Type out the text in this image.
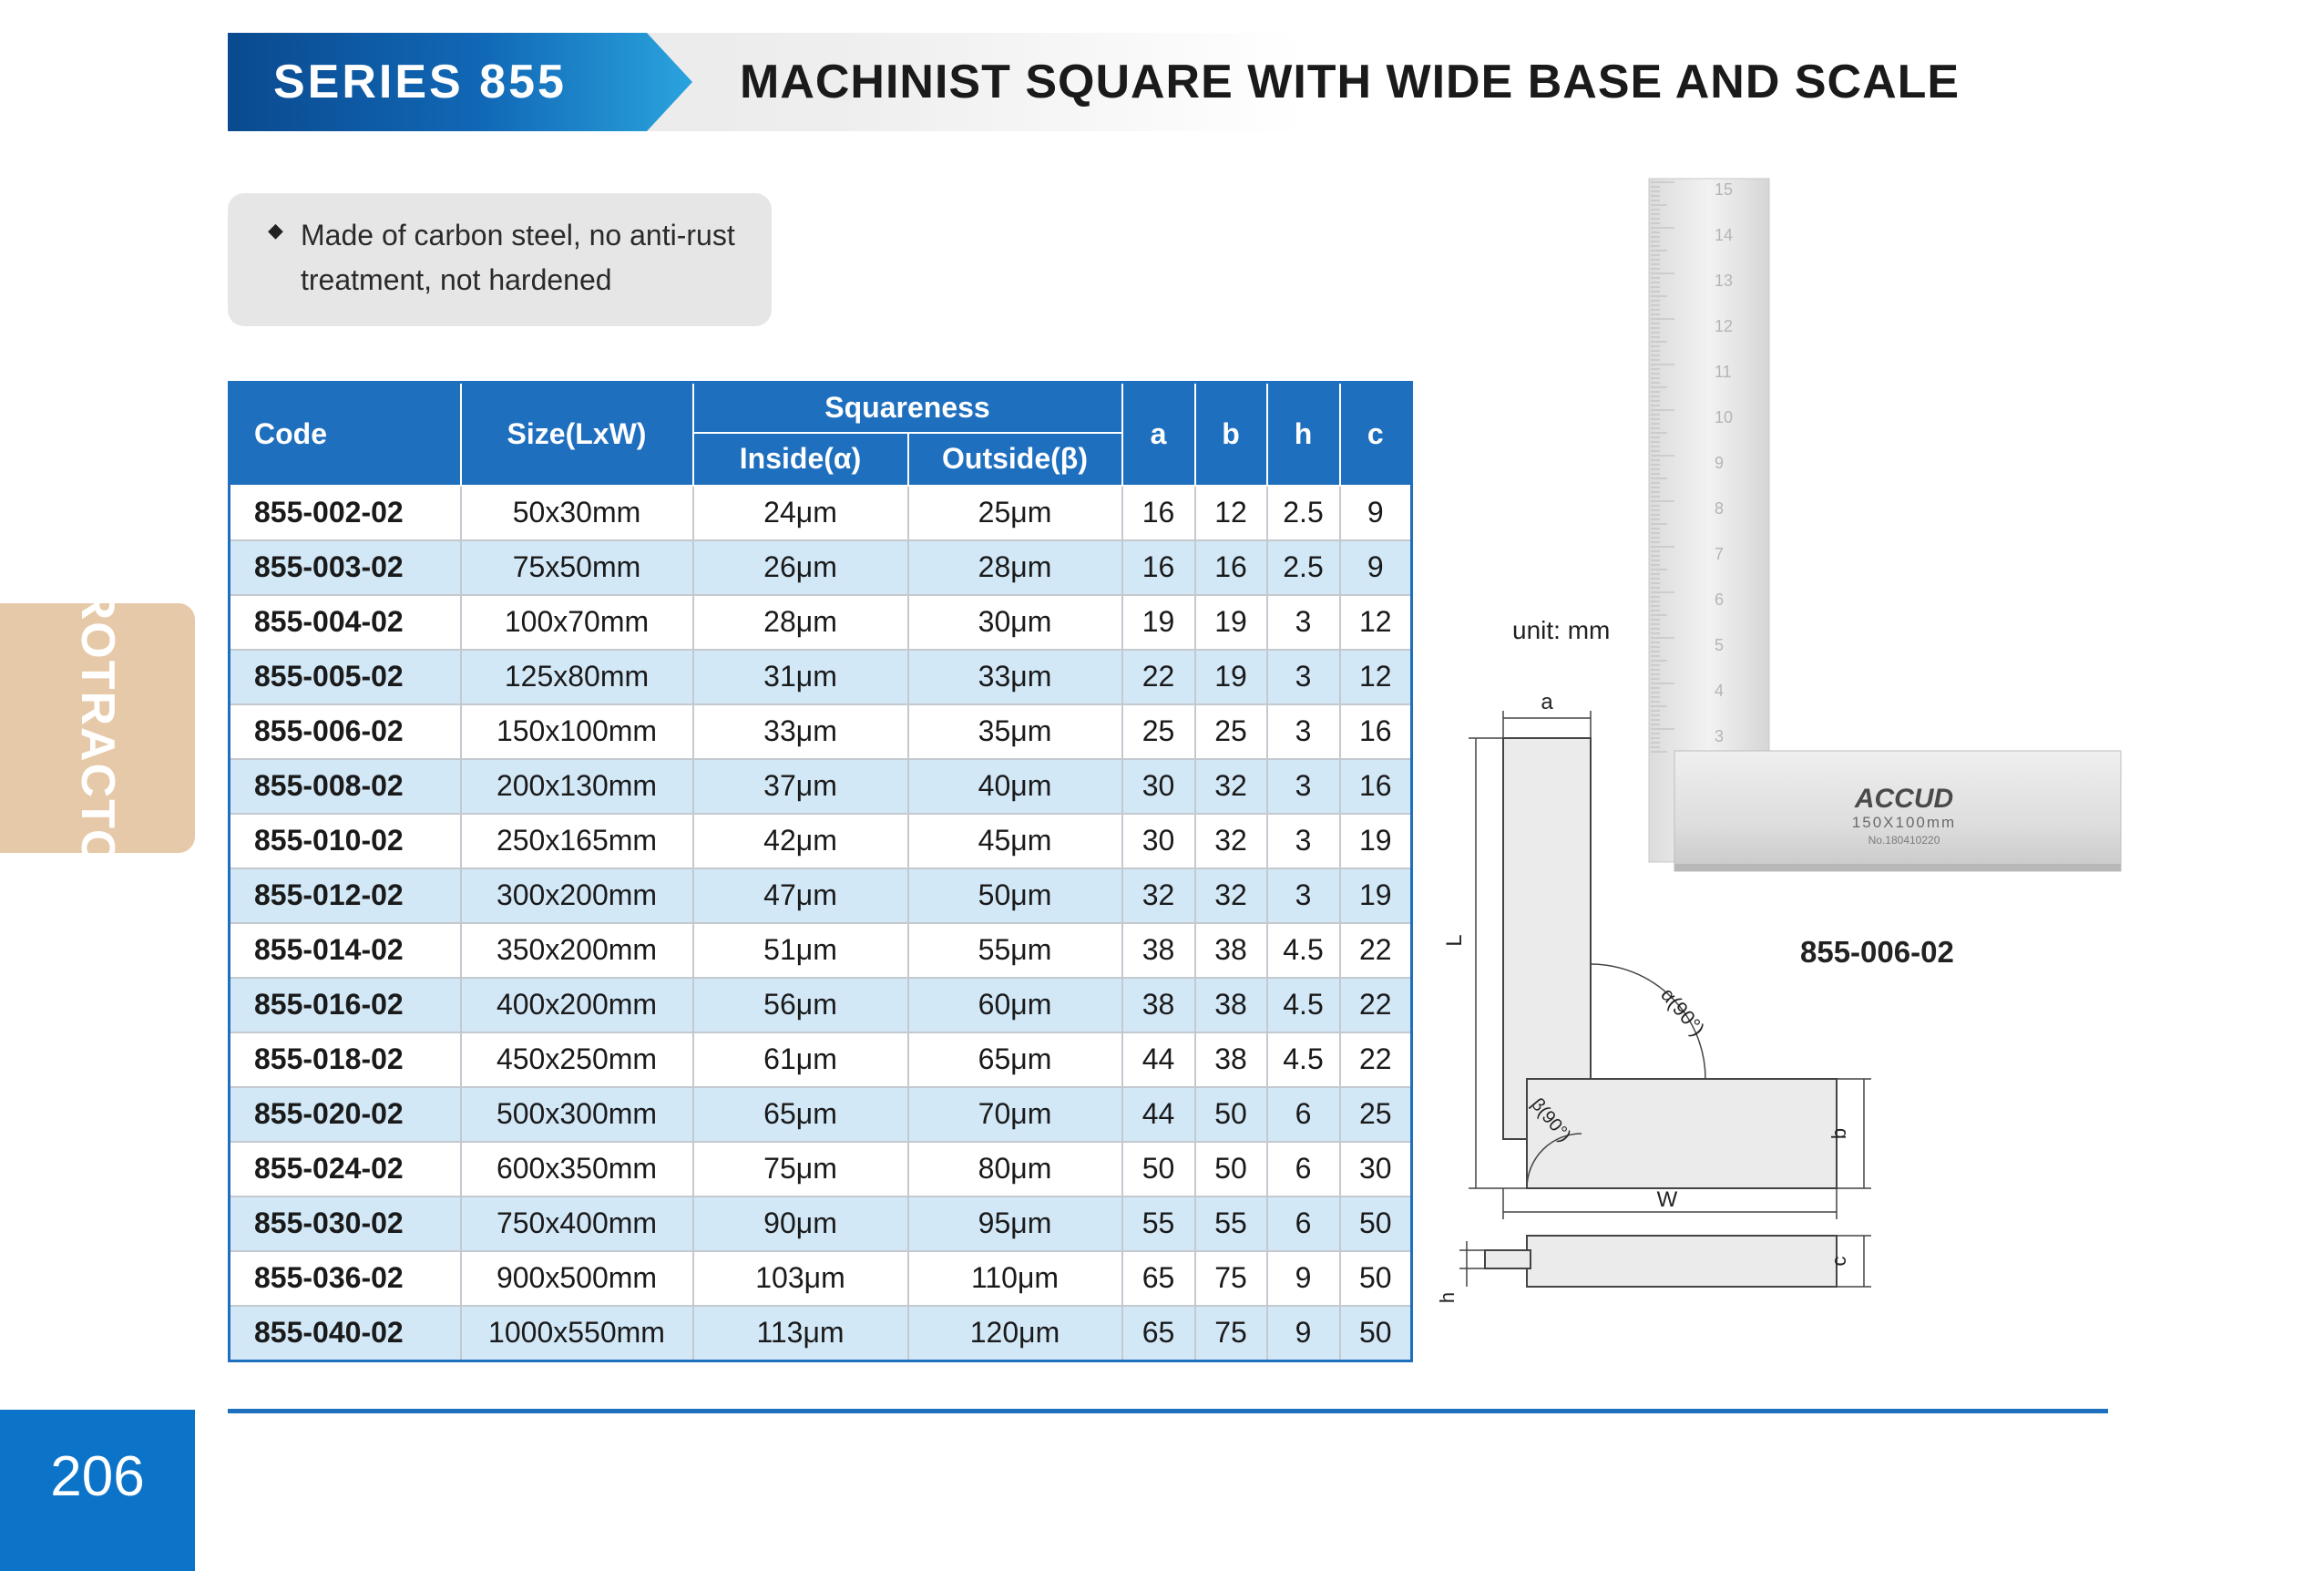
SERIES 855	MACHINIST SQUARE WITH WIDE BASE AND SCALE
◆ Made of carbon steel, no anti-rust treatment, not hardened
PROTRACTOR
Code	Size(LxW)	Squareness		a	b	h	c
		Inside(α)	Outside(β)				
855-002-02	50x30mm	24μm	25μm	16	12	2.5	9
855-003-02	75x50mm	26μm	28μm	16	16	2.5	9
855-004-02	100x70mm	28μm	30μm	19	19	3	12
855-005-02	125x80mm	31μm	33μm	22	19	3	12
855-006-02	150x100mm	33μm	35μm	25	25	3	16
855-008-02	200x130mm	37μm	40μm	30	32	3	16
855-010-02	250x165mm	42μm	45μm	30	32	3	19
855-012-02	300x200mm	47μm	50μm	32	32	3	19
855-014-02	350x200mm	51μm	55μm	38	38	4.5	22
855-016-02	400x200mm	56μm	60μm	38	38	4.5	22
855-018-02	450x250mm	61μm	65μm	44	38	4.5	22
855-020-02	500x300mm	65μm	70μm	44	50	6	25
855-024-02	600x350mm	75μm	80μm	50	50	6	30
855-030-02	750x400mm	90μm	95μm	55	55	6	50
855-036-02	900x500mm	103μm	110μm	65	75	9	50
855-040-02	1000x550mm	113μm	120μm	65	75	9	50
15
14
13
12
11
10
9
8
7
6
5
4
3
ACCUD
150X100mm
No.180410220
unit: mm
855-006-02
a
L
α(90°)
β(90°)	b
W
c
h
206
